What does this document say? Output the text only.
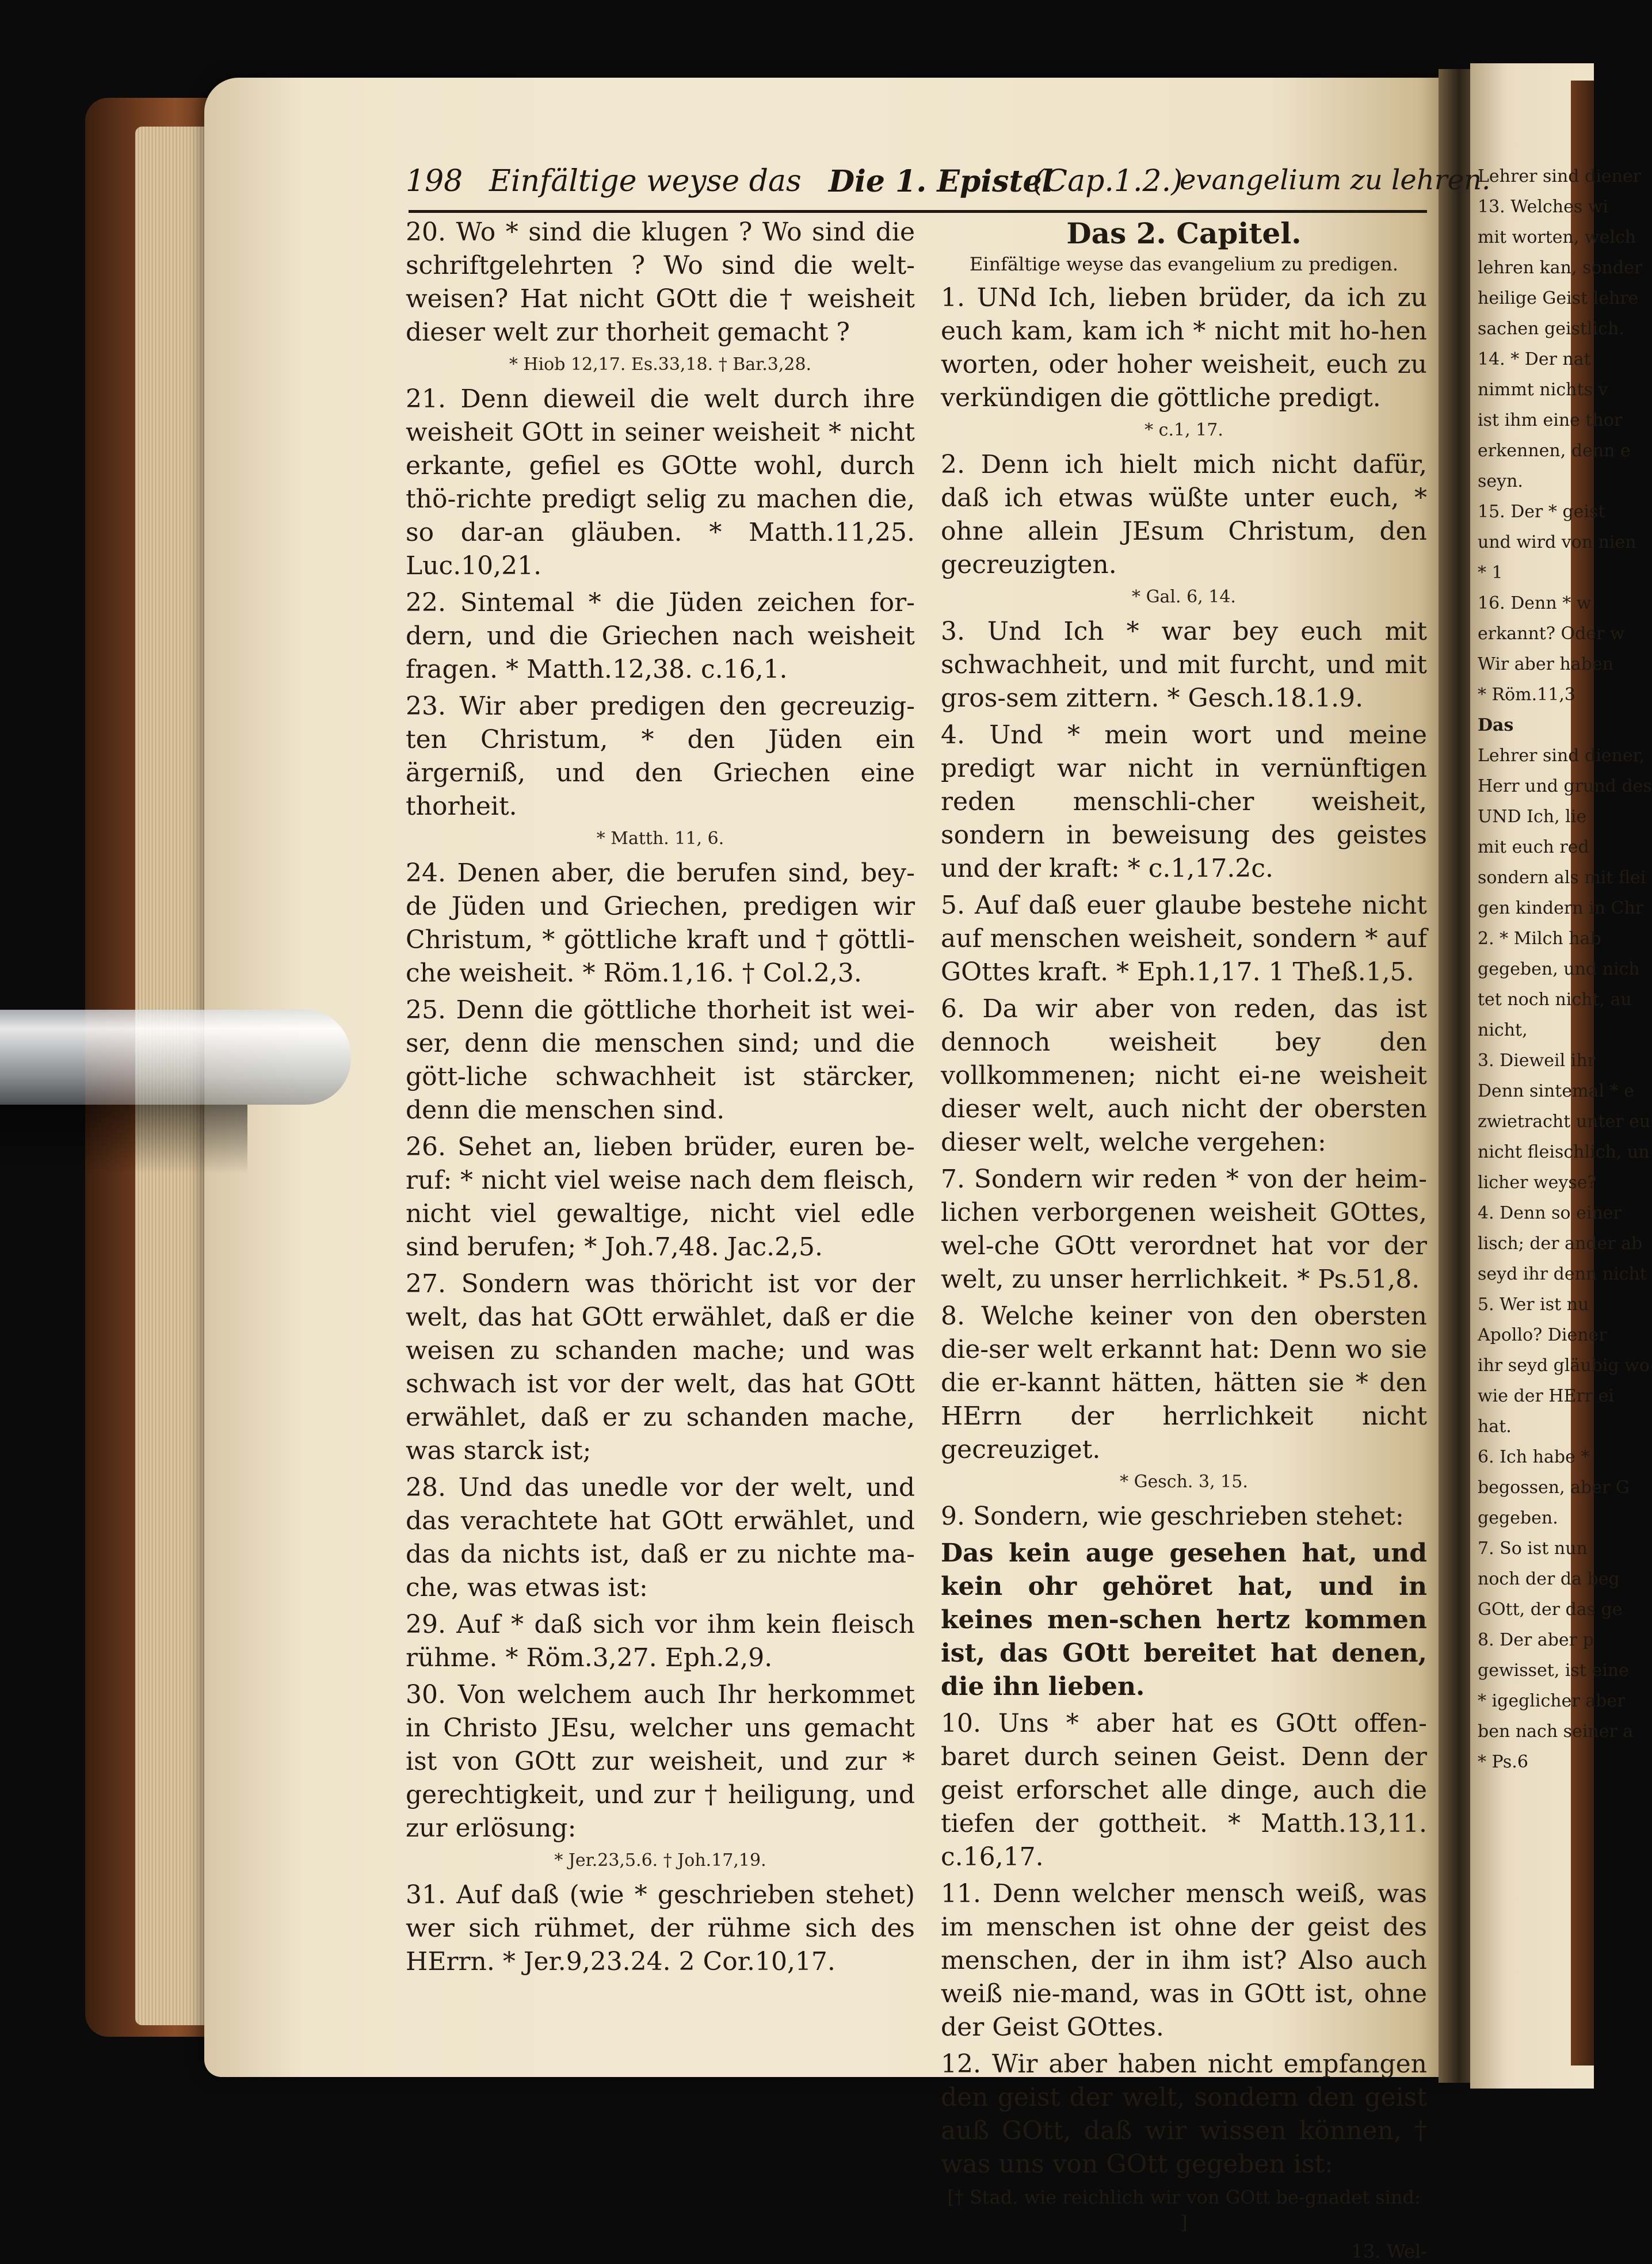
198 Einfältige weyse das Die 1. Epistel
(Cap.1.2.)
evangelium zu lehren.
20. Wo * sind die klugen ? Wo sind die schriftgelehrten ? Wo sind die welt-weisen? Hat nicht GOtt die † weisheit dieser welt zur thorheit gemacht ?
* Hiob 12,17. Es.33,18. † Bar.3,28.
21. Denn dieweil die welt durch ihre weisheit GOtt in seiner weisheit * nicht erkante, gefiel es GOtte wohl, durch thö-richte predigt selig zu machen die, so dar-an gläuben. * Matth.11,25. Luc.10,21.
22. Sintemal * die Jüden zeichen for-dern, und die Griechen nach weisheit fragen. * Matth.12,38. c.16,1.
23. Wir aber predigen den gecreuzig-ten Christum, * den Jüden ein ärgerniß, und den Griechen eine thorheit.
* Matth. 11, 6.
24. Denen aber, die berufen sind, bey-de Jüden und Griechen, predigen wir Christum, * göttliche kraft und † göttli-che weisheit. * Röm.1,16. † Col.2,3.
25. Denn die göttliche thorheit ist wei-ser, denn die menschen sind; und die gött-liche schwachheit ist stärcker, denn die menschen sind.
26. Sehet an, lieben brüder, euren be-ruf: * nicht viel weise nach dem fleisch, nicht viel gewaltige, nicht viel edle sind berufen; * Joh.7,48. Jac.2,5.
27. Sondern was thöricht ist vor der welt, das hat GOtt erwählet, daß er die weisen zu schanden mache; und was schwach ist vor der welt, das hat GOtt erwählet, daß er zu schanden mache, was starck ist;
28. Und das unedle vor der welt, und das verachtete hat GOtt erwählet, und das da nichts ist, daß er zu nichte ma-che, was etwas ist:
29. Auf * daß sich vor ihm kein fleisch rühme. * Röm.3,27. Eph.2,9.
30. Von welchem auch Ihr herkommet in Christo JEsu, welcher uns gemacht ist von GOtt zur weisheit, und zur * gerechtigkeit, und zur † heiligung, und zur erlösung:
* Jer.23,5.6. † Joh.17,19.
31. Auf daß (wie * geschrieben stehet) wer sich rühmet, der rühme sich des HErrn. * Jer.9,23.24. 2 Cor.10,17.
Das 2. Capitel.
Einfältige weyse das evangelium zu predigen.
1. UNd Ich, lieben brüder, da ich zu euch kam, kam ich * nicht mit ho-hen worten, oder hoher weisheit, euch zu verkündigen die göttliche predigt.
* c.1, 17.
2. Denn ich hielt mich nicht dafür, daß ich etwas wüßte unter euch, * ohne allein JEsum Christum, den gecreuzigten.
* Gal. 6, 14.
3. Und Ich * war bey euch mit schwachheit, und mit furcht, und mit gros-sem zittern. * Gesch.18.1.9.
4. Und * mein wort und meine predigt war nicht in vernünftigen reden menschli-cher weisheit, sondern in beweisung des geistes und der kraft: * c.1,17.2c.
5. Auf daß euer glaube bestehe nicht auf menschen weisheit, sondern * auf GOttes kraft. * Eph.1,17. 1 Theß.1,5.
6. Da wir aber von reden, das ist dennoch weisheit bey den vollkommenen; nicht ei-ne weisheit dieser welt, auch nicht der obersten dieser welt, welche vergehen:
7. Sondern wir reden * von der heim-lichen verborgenen weisheit GOttes, wel-che GOtt verordnet hat vor der welt, zu unser herrlichkeit. * Ps.51,8.
8. Welche keiner von den obersten die-ser welt erkannt hat: Denn wo sie die er-kannt hätten, hätten sie * den HErrn der herrlichkeit nicht gecreuziget.
* Gesch. 3, 15.
9. Sondern, wie geschrieben stehet:
Das kein auge gesehen hat, und kein ohr gehöret hat, und in keines men-schen hertz kommen ist, das GOtt bereitet hat denen, die ihn lieben.
10. Uns * aber hat es GOtt offen-baret durch seinen Geist. Denn der geist erforschet alle dinge, auch die tiefen der gottheit. * Matth.13,11. c.16,17.
11. Denn welcher mensch weiß, was im menschen ist ohne der geist des menschen, der in ihm ist? Also auch weiß nie-mand, was in GOtt ist, ohne der Geist GOttes.
12. Wir aber haben nicht empfangen den geist der welt, sondern den geist auß GOtt, daß wir wissen können, † was uns von GOtt gegeben ist:
[† Stad. wie reichlich wir von GOtt be-gnadet sind: ]
13. Wel-
Lehrer sind diener
13. Welches wi
mit worten, welch
lehren kan, sonder
heilige Geist lehre
sachen geistlich.
14. * Der nat
nimmt nichts v
ist ihm eine thor
erkennen, denn e
seyn.
15. Der * geist
und wird von nien
* 1
16. Denn * w
erkannt? Oder w
Wir aber haben
* Röm.11,3
Das
Lehrer sind diener,
Herr und grund des
UND Ich, lie
mit euch red
sondern als mit flei
gen kindern in Chr
2. * Milch hab
gegeben, und nich
tet noch nicht, au
nicht,
3. Dieweil ihr
Denn sintemal * e
zwietracht unter eu
nicht fleischlich, un
licher weyse?
4. Denn so einer
lisch; der ander ab
seyd ihr denn nicht
5. Wer ist nu
Apollo? Diener
ihr seyd gläubig wo
wie der HErr ei
hat.
6. Ich habe *
begossen, aber G
gegeben.
7. So ist nun
noch der da beg
GOtt, der das ge
8. Der aber p
gewisset, ist eine
* igeglicher aber
ben nach seiner a
* Ps.6
